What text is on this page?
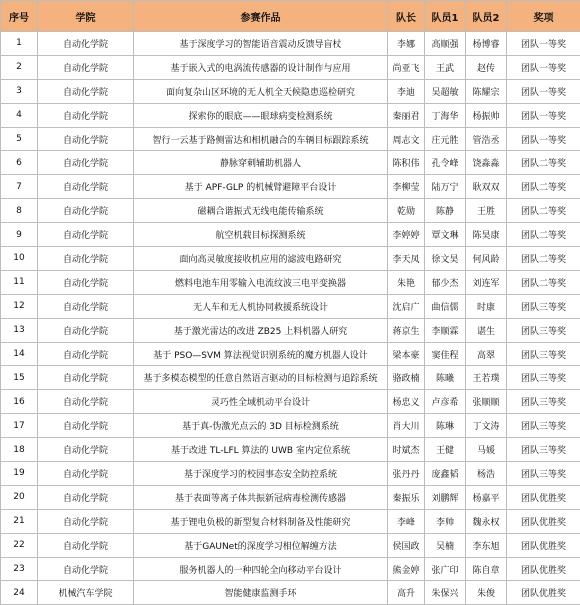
序号	学院	参赛作品	队长	队员1	队员2	奖项
1	自动化学院	基于深度学习的智能语音震动反馈导盲杖	李娜	高顺强	杨博睿	团队一等奖
2	自动化学院	基于嵌入式的电涡流传感器的设计制作与应用	尚亚飞	王武	赵传	团队一等奖
3	自动化学院	面向复杂山区环境的无人机全天候隐患巡检研究	李迪	吴超敏	陈耀宗	团队一等奖
4	自动化学院	探索你的眼底——眼球病变检测系统	秦丽君	丁海华	杨振帅	团队一等奖
5	自动化学院	智行一云基于路侧雷达和相机融合的车辆目标跟踪系统	周志文	庄元胜	管浩丞	团队一等奖
6	自动化学院	静脉穿刺辅助机器人	陈积伟	孔令峰	饶淼淼	团队二等奖
7	自动化学院	基于 APF-GLP 的机械臂避障平台设计	李柳莹	陆万宁	耿双双	团队二等奖
8	自动化学院	磁耦合谐振式无线电能传输系统	乾勋	陈静	王胜	团队二等奖
9	自动化学院	航空机载目标探测系统	李婷婷	覃文琳	陈昊康	团队二等奖
10	自动化学院	面向高灵敏度接收机应用的滤波电路研究	李天凤	徐文昊	何风龄	团队二等奖
11	自动化学院	燃料电池车用零输入电流纹波三电平变换器	朱艳	郁少杰	刘连军	团队二等奖
12	自动化学院	无人车和无人机协同救援系统设计	沈启广	曲信儒	时康	团队三等奖
13	自动化学院	基于激光雷达的改进 ZB25 上料机器人研究	蒋京生	李顺霖	谌生	团队三等奖
14	自动化学院	基于 PSO—SVM 算法视觉识别系统的魔方机器人设计	梁本豪	窦佳程	高翠	团队三等奖
15	自动化学院	基于多模态模型的任意自然语言驱动的目标检测与追踪系统	骆政楠	陈曦	王若璞	团队三等奖
16	自动化学院	灵巧性全域机动平台设计	杨忠义	卢彦希	张顺顺	团队三等奖
17	自动化学院	基于真-伪激光点云的 3D 目标检测系统	肖大川	陈琳	丁文涛	团队三等奖
18	自动化学院	基于改进 TL-LFL 算法的 UWB 室内定位系统	时斌杰	王健	马媛	团队三等奖
19	自动化学院	基于深度学习的校园事态安全防控系统	张丹丹	庞鑫韬	杨浩	团队三等奖
20	自动化学院	基于表面等离子体共振新冠病毒检测传感器	秦振乐	刘鹏辉	杨嘉平	团队优胜奖
21	自动化学院	基于锂电负极的新型复合材料制备及性能研究	李峰	李帅	魏永权	团队优胜奖
22	自动化学院	基于GAUNet的深度学习相位解缠方法	侯国政	吴楠	李东旭	团队优胜奖
23	自动化学院	服务机器人的一种四轮全向移动平台设计	熊金婷	张广印	陈自章	团队优胜奖
24	机械汽车学院	智能健康监测手环	高升	朱保兴	朱俊	团队优胜奖
